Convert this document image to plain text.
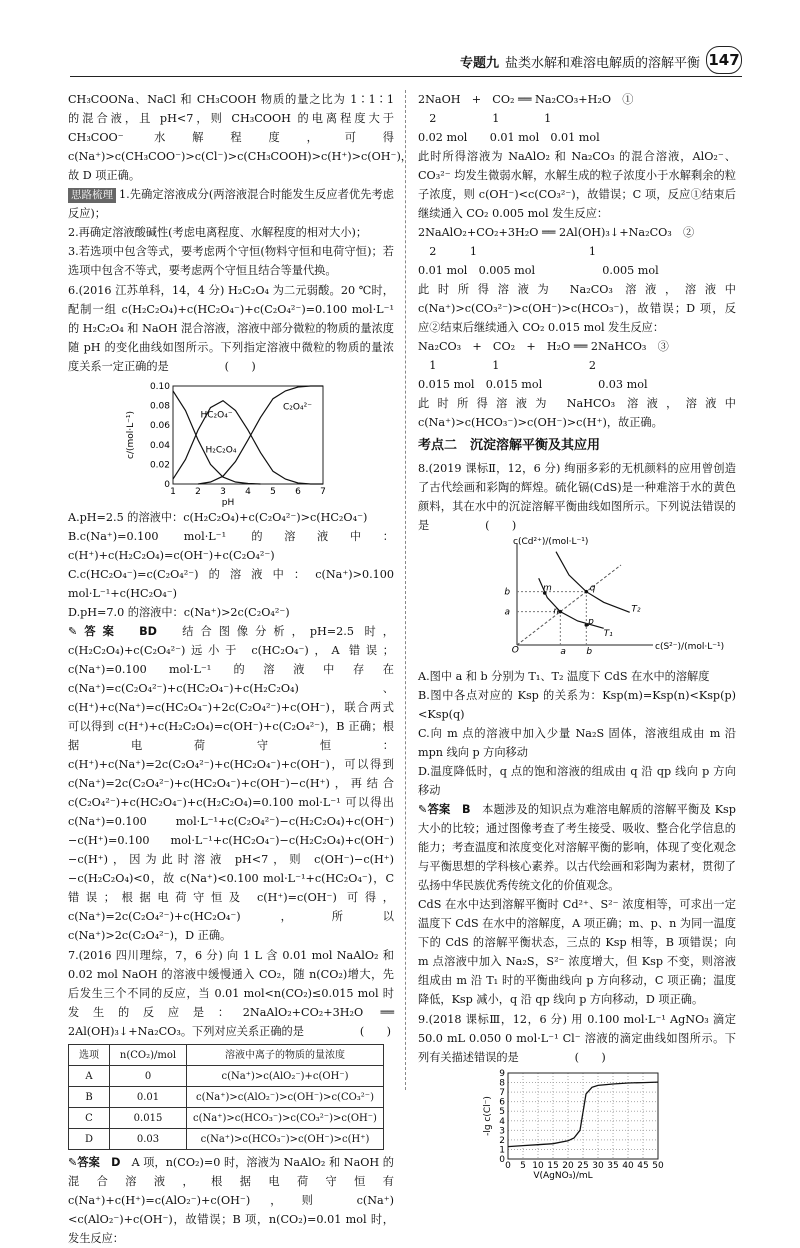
专题九 盐类水解和难溶电解质的溶解平衡 147

CH₃COONa、NaCl 和 CH₃COOH 物质的量之比为 1∶1∶1 的混合液，且 pH<7，则 CH₃COOH 的电离程度大于 CH₃COO⁻ 水解程度，可得 c(Na⁺)>c(CH₃COO⁻)>c(Cl⁻)>c(CH₃COOH)>c(H⁺)>c(OH⁻)，故 D 项正确。

思路梳理 1.先确定溶液成分(两溶液混合时能发生反应者优先考虑反应)；

2.再确定溶液酸碱性(考虑电离程度、水解程度的相对大小)；

3.若选项中包含等式，要考虑两个守恒(物料守恒和电荷守恒)；若选项中包含不等式，要考虑两个守恒且结合等量代换。

6.(2016 江苏单科，14，4 分) H₂C₂O₄ 为二元弱酸。20 ℃时，配制一组 c(H₂C₂O₄)+c(HC₂O₄⁻)+c(C₂O₄²⁻)=0.100 mol·L⁻¹ 的 H₂C₂O₄ 和 NaOH 混合溶液，溶液中部分微粒的物质的量浓度随 pH 的变化曲线如图所示。下列指定溶液中微粒的物质的量浓度关系一定正确的是　　　　　(　　)

1 2 3 4 5 6 7
0
0.02
0.04
0.06
0.08
0.10
pH
c/(mol·L⁻¹)	H₂C₂O₄
HC₂O₄⁻
C₂O₄²⁻

A.pH=2.5 的溶液中：c(H₂C₂O₄)+c(C₂O₄²⁻)>c(HC₂O₄⁻)

B.c(Na⁺)=0.100 mol·L⁻¹ 的溶液中：c(H⁺)+c(H₂C₂O₄)=c(OH⁻)+c(C₂O₄²⁻)

C.c(HC₂O₄⁻)=c(C₂O₄²⁻)的溶液中：c(Na⁺)>0.100 mol·L⁻¹+c(HC₂O₄⁻)

D.pH=7.0 的溶液中：c(Na⁺)>2c(C₂O₄²⁻)

✎答案　 BD　 结合图像分析，pH=2.5 时，c(H₂C₂O₄)+c(C₂O₄²⁻)远小于 c(HC₂O₄⁻)，A 错误；c(Na⁺)=0.100 mol·L⁻¹ 的溶液中存在 c(Na⁺)=c(C₂O₄²⁻)+c(HC₂O₄⁻)+c(H₂C₂O₄)、c(H⁺)+c(Na⁺)=c(HC₂O₄⁻)+2c(C₂O₄²⁻)+c(OH⁻)，联合两式可以得到 c(H⁺)+c(H₂C₂O₄)=c(OH⁻)+c(C₂O₄²⁻)，B 正确；根据电荷守恒：c(H⁺)+c(Na⁺)=2c(C₂O₄²⁻)+c(HC₂O₄⁻)+c(OH⁻)，可以得到 c(Na⁺)=2c(C₂O₄²⁻)+c(HC₂O₄⁻)+c(OH⁻)−c(H⁺)，再结合 c(C₂O₄²⁻)+c(HC₂O₄⁻)+c(H₂C₂O₄)=0.100 mol·L⁻¹ 可以得出 c(Na⁺)=0.100 mol·L⁻¹+c(C₂O₄²⁻)−c(H₂C₂O₄)+c(OH⁻)−c(H⁺)=0.100 mol·L⁻¹+c(HC₂O₄⁻)−c(H₂C₂O₄)+c(OH⁻)−c(H⁺)，因为此时溶液 pH<7，则 c(OH⁻)−c(H⁺)−c(H₂C₂O₄)<0，故 c(Na⁺)<0.100 mol·L⁻¹+c(HC₂O₄⁻)，C 错误；根据电荷守恒及 c(H⁺)=c(OH⁻) 可得，c(Na⁺)=2c(C₂O₄²⁻)+c(HC₂O₄⁻)，所以 c(Na⁺)>2c(C₂O₄²⁻)，D 正确。

7.(2016 四川理综，7，6 分) 向 1 L 含 0.01 mol NaAlO₂ 和 0.02 mol NaOH 的溶液中缓慢通入 CO₂，随 n(CO₂)增大，先后发生三个不同的反应，当 0.01 mol<n(CO₂)≤0.015 mol 时发生的反应是：2NaAlO₂+CO₂+3H₂O ══ 2Al(OH)₃↓+Na₂CO₃。下列对应关系正确的是　　　　　(　　)

选项	n(CO₂)/mol	溶液中离子的物质的量浓度
A	0	c(Na⁺)>c(AlO₂⁻)+c(OH⁻)
B	0.01	c(Na⁺)>c(AlO₂⁻)>c(OH⁻)>c(CO₃²⁻)
C	0.015	c(Na⁺)>c(HCO₃⁻)>c(CO₃²⁻)>c(OH⁻)
D	0.03	c(Na⁺)>c(HCO₃⁻)>c(OH⁻)>c(H⁺)

✎答案　 D　 A 项，n(CO₂)=0 时，溶液为 NaAlO₂ 和 NaOH 的混合溶液，根据电荷守恒有 c(Na⁺)+c(H⁺)=c(AlO₂⁻)+c(OH⁻)，则 c(Na⁺)<c(AlO₂⁻)+c(OH⁻)，故错误；B 项，n(CO₂)=0.01 mol 时，发生反应：

2NaOH　+　CO₂ ══ Na₂CO₃+H₂O　①

　2　　　　　1　　　　1

0.02 mol　　0.01 mol　0.01 mol

此时所得溶液为 NaAlO₂ 和 Na₂CO₃ 的混合溶液，AlO₂⁻、CO₃²⁻ 均发生微弱水解，水解生成的粒子浓度小于水解剩余的粒子浓度，则 c(OH⁻)<c(CO₃²⁻)，故错误；C 项，反应①结束后继续通入 CO₂ 0.005 mol 发生反应：

2NaAlO₂+CO₂+3H₂O ══ 2Al(OH)₃↓+Na₂CO₃　②

　2　　　1　　　　　　　　　　1

0.01 mol　0.005 mol　　　　　　0.005 mol

此时所得溶液为 Na₂CO₃ 溶液，溶液中 c(Na⁺)>c(CO₃²⁻)>c(OH⁻)>c(HCO₃⁻)，故错误；D 项，反应②结束后继续通入 CO₂ 0.015 mol 发生反应：

Na₂CO₃　+　CO₂　+　H₂O ══ 2NaHCO₃　③

　1　　　　　1　　　　　　　　2

0.015 mol　0.015 mol　　　　　0.03 mol

此时所得溶液为 NaHCO₃ 溶液，溶液中 c(Na⁺)>c(HCO₃⁻)>c(OH⁻)>c(H⁺)，故正确。

考点二　沉淀溶解平衡及其应用

8.(2019 课标Ⅱ，12，6 分) 绚丽多彩的无机颜料的应用曾创造了古代绘画和彩陶的辉煌。硫化镉(CdS)是一种难溶于水的黄色颜料，其在水中的沉淀溶解平衡曲线如图所示。下列说法错误的是　　　　　(　　)

m
n
p
q
a b
T₁
T₂
O
b
a
c(S²⁻)/(mol·L⁻¹)
c(Cd²⁺)/(mol·L⁻¹)

A.图中 a 和 b 分别为 T₁、T₂ 温度下 CdS 在水中的溶解度

B.图中各点对应的 Ksp 的关系为：Ksp(m)=Ksp(n)<Ksp(p)<Ksp(q)

C.向 m 点的溶液中加入少量 Na₂S 固体，溶液组成由 m 沿 mpn 线向 p 方向移动

D.温度降低时，q 点的饱和溶液的组成由 q 沿 qp 线向 p 方向移动

✎答案　 B　 本题涉及的知识点为难溶电解质的溶解平衡及 Ksp 大小的比较；通过图像考查了考生接受、吸收、整合化学信息的能力；考查温度和浓度变化对溶解平衡的影响，体现了变化观念与平衡思想的学科核心素养。以古代绘画和彩陶为素材，贯彻了弘扬中华民族优秀传统文化的价值观念。

CdS 在水中达到溶解平衡时 Cd²⁺、S²⁻ 浓度相等，可求出一定温度下 CdS 在水中的溶解度，A 项正确；m、p、n 为同一温度下的 CdS 的溶解平衡状态，三点的 Ksp 相等，B 项错误；向 m 点溶液中加入 Na₂S，S²⁻ 浓度增大，但 Ksp 不变，则溶液组成由 m 沿 T₁ 时的平衡曲线向 p 方向移动，C 项正确；温度降低，Ksp 减小，q 沿 qp 线向 p 方向移动，D 项正确。

9.(2018 课标Ⅲ，12，6 分) 用 0.100 mol·L⁻¹ AgNO₃ 滴定 50.0 mL 0.050 0 mol·L⁻¹ Cl⁻ 溶液的滴定曲线如图所示。下列有关描述错误的是　　　　　(　　)

0 5 10 15 20 25 30 35 40 45 50
0
1
2
3
4
5
6
7
8
9
V(AgNO₃)/mL
-lg c(Cl⁻)
